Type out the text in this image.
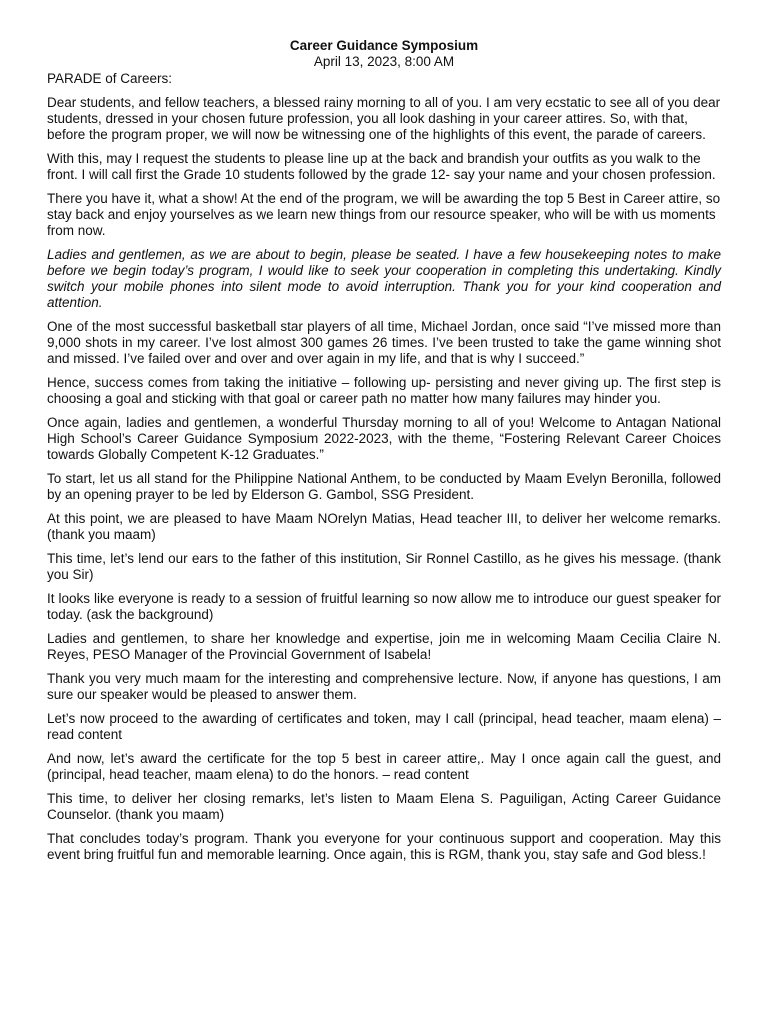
Career Guidance Symposium
April 13, 2023, 8:00 AM
PARADE of Careers:

Dear students, and fellow teachers, a blessed rainy morning to all of you. I am very ecstatic to see all of you dear students, dressed in your chosen future profession, you all look dashing in your career attires. So, with that, before the program proper, we will now be witnessing one of the highlights of this event, the parade of careers.

With this, may I request the students to please line up at the back and brandish your outfits as you walk to the front. I will call first the Grade 10 students followed by the grade 12- say your name and your chosen profession.

There you have it, what a show! At the end of the program, we will be awarding the top 5 Best in Career attire, so stay back and enjoy yourselves as we learn new things from our resource speaker, who will be with us moments from now.

Ladies and gentlemen, as we are about to begin, please be seated. I have a few housekeeping notes to make before we begin today’s program, I would like to seek your cooperation in completing this undertaking. Kindly switch your mobile phones into silent mode to avoid interruption. Thank you for your kind cooperation and attention.

One of the most successful basketball star players of all time, Michael Jordan, once said “I’ve missed more than 9,000 shots in my career. I’ve lost almost 300 games 26 times. I’ve been trusted to take the game winning shot and missed. I’ve failed over and over and over again in my life, and that is why I succeed.”

Hence, success comes from taking the initiative – following up- persisting and never giving up. The first step is choosing a goal and sticking with that goal or career path no matter how many failures may hinder you.

Once again, ladies and gentlemen, a wonderful Thursday morning to all of you! Welcome to Antagan National High School’s Career Guidance Symposium 2022-2023, with the theme, “Fostering Relevant Career Choices towards Globally Competent K-12 Graduates.”

To start, let us all stand for the Philippine National Anthem, to be conducted by Maam Evelyn Beronilla, followed by an opening prayer to be led by Elderson G. Gambol, SSG President.

At this point, we are pleased to have Maam NOrelyn Matias, Head teacher III, to deliver her welcome remarks. (thank you maam)

This time, let’s lend our ears to the father of this institution, Sir Ronnel Castillo, as he gives his message. (thank you Sir)

It looks like everyone is ready to a session of fruitful learning so now allow me to introduce our guest speaker for today. (ask the background)

Ladies and gentlemen, to share her knowledge and expertise, join me in welcoming Maam Cecilia Claire N. Reyes, PESO Manager of the Provincial Government of Isabela!

Thank you very much maam for the interesting and comprehensive lecture. Now, if anyone has questions, I am sure our speaker would be pleased to answer them.

Let’s now proceed to the awarding of certificates and token, may I call (principal, head teacher, maam elena) – read content

And now, let’s award the certificate for the top 5 best in career attire,. May I once again call the guest, and (principal, head teacher, maam elena) to do the honors. – read content

This time, to deliver her closing remarks, let’s listen to Maam Elena S. Paguiligan, Acting Career Guidance Counselor. (thank you maam)

That concludes today’s program. Thank you everyone for your continuous support and cooperation. May this event bring fruitful fun and memorable learning. Once again, this is RGM, thank you, stay safe and God bless.!
